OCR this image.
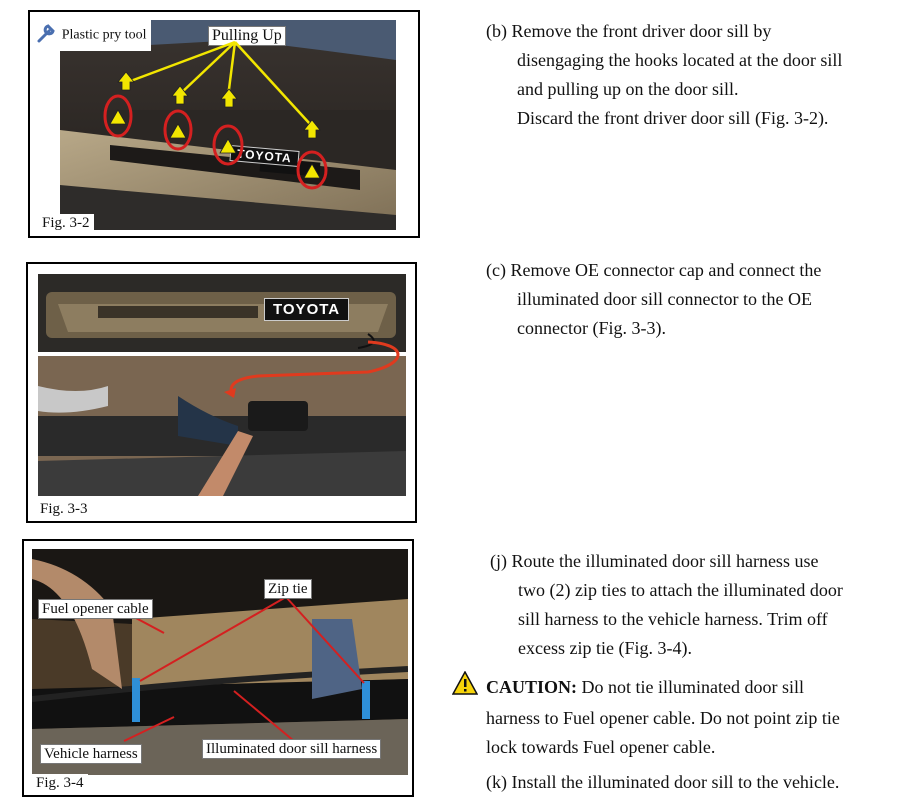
TOYOTA
Plastic pry tool	Pulling Up
Fig. 3-2
TOYOTA
Fig. 3-3
Zip tie
Fuel opener cable
Vehicle harness	Illuminated door sill harness
Fig. 3-4
(b) Remove the front driver door sill by
disengaging the hooks located at the door sill
and pulling up on the door sill.
Discard the front driver door sill (Fig. 3-2).
(c) Remove OE connector cap and connect the
illuminated door sill connector to the OE
connector (Fig. 3-3).
(j) Route the illuminated door sill harness use
two (2) zip ties to attach the illuminated door
sill harness to the vehicle harness. Trim off
excess zip tie (Fig. 3-4).
CAUTION: Do not tie illuminated door sill
harness to Fuel opener cable. Do not point zip tie
lock towards Fuel opener cable.
(k) Install the illuminated door sill to the vehicle.
